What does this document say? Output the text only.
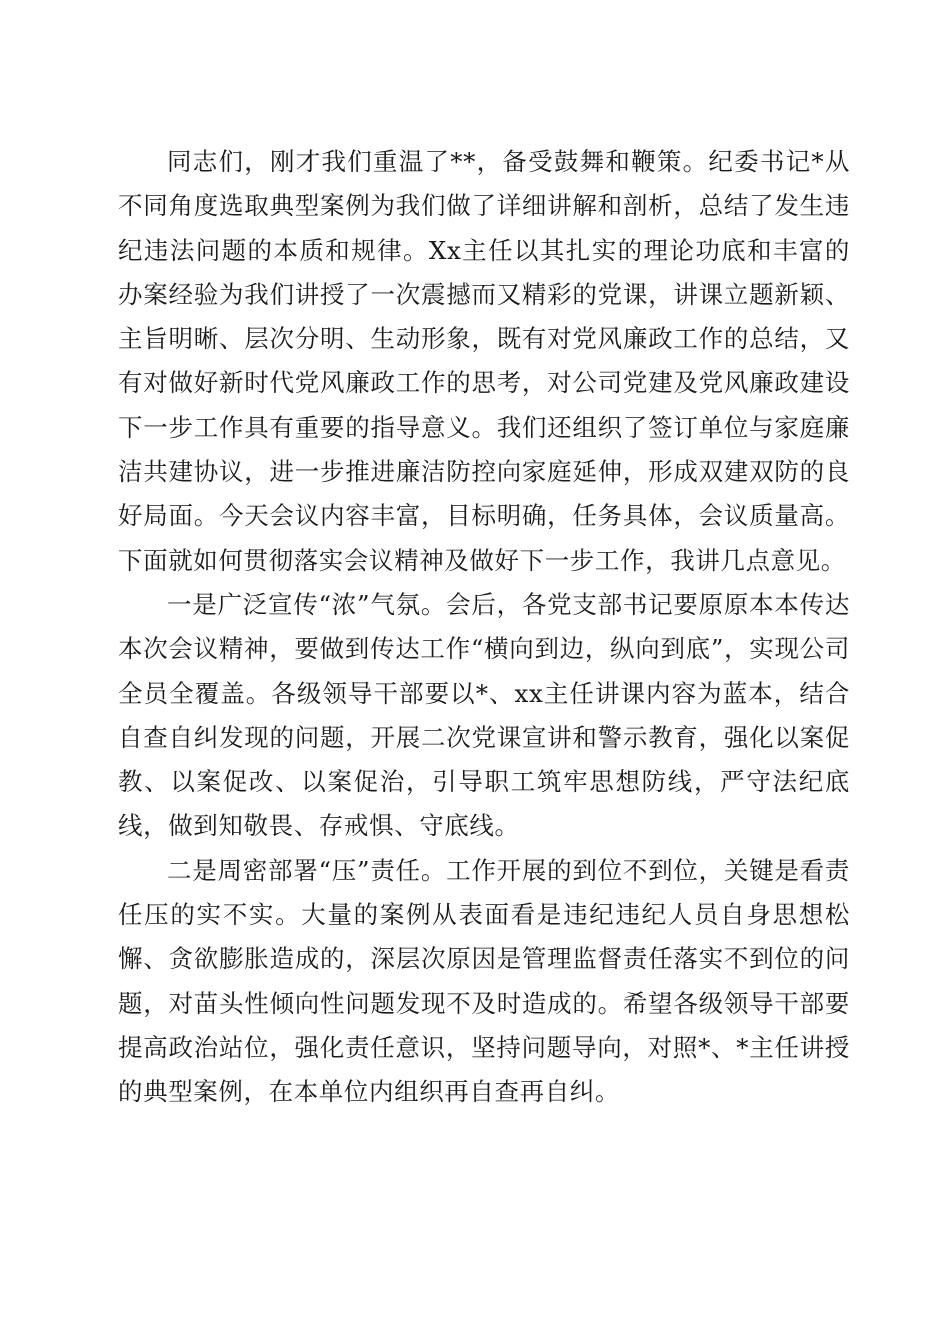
同志们，刚才我们重温了**，备受鼓舞和鞭策。纪委书记*从不同角度选取典型案例为我们做了详细讲解和剖析，总结了发生违纪违法问题的本质和规律。Xx主任以其扎实的理论功底和丰富的办案经验为我们讲授了一次震撼而又精彩的党课，讲课立题新颖、主旨明晰、层次分明、生动形象，既有对党风廉政工作的总结，又有对做好新时代党风廉政工作的思考，对公司党建及党风廉政建设下一步工作具有重要的指导意义。我们还组织了签订单位与家庭廉洁共建协议，进一步推进廉洁防控向家庭延伸，形成双建双防的良好局面。今天会议内容丰富，目标明确，任务具体，会议质量高。下面就如何贯彻落实会议精神及做好下一步工作，我讲几点意见。

一是广泛宣传“浓”气氛。会后，各党支部书记要原原本本传达本次会议精神，要做到传达工作“横向到边，纵向到底”，实现公司全员全覆盖。各级领导干部要以*、xx主任讲课内容为蓝本，结合自查自纠发现的问题，开展二次党课宣讲和警示教育，强化以案促教、以案促改、以案促治，引导职工筑牢思想防线，严守法纪底线，做到知敬畏、存戒惧、守底线。

二是周密部署“压”责任。工作开展的到位不到位，关键是看责任压的实不实。大量的案例从表面看是违纪违纪人员自身思想松懈、贪欲膨胀造成的，深层次原因是管理监督责任落实不到位的问题，对苗头性倾向性问题发现不及时造成的。希望各级领导干部要提高政治站位，强化责任意识，坚持问题导向，对照*、*主任讲授的典型案例，在本单位内组织再自查再自纠。
